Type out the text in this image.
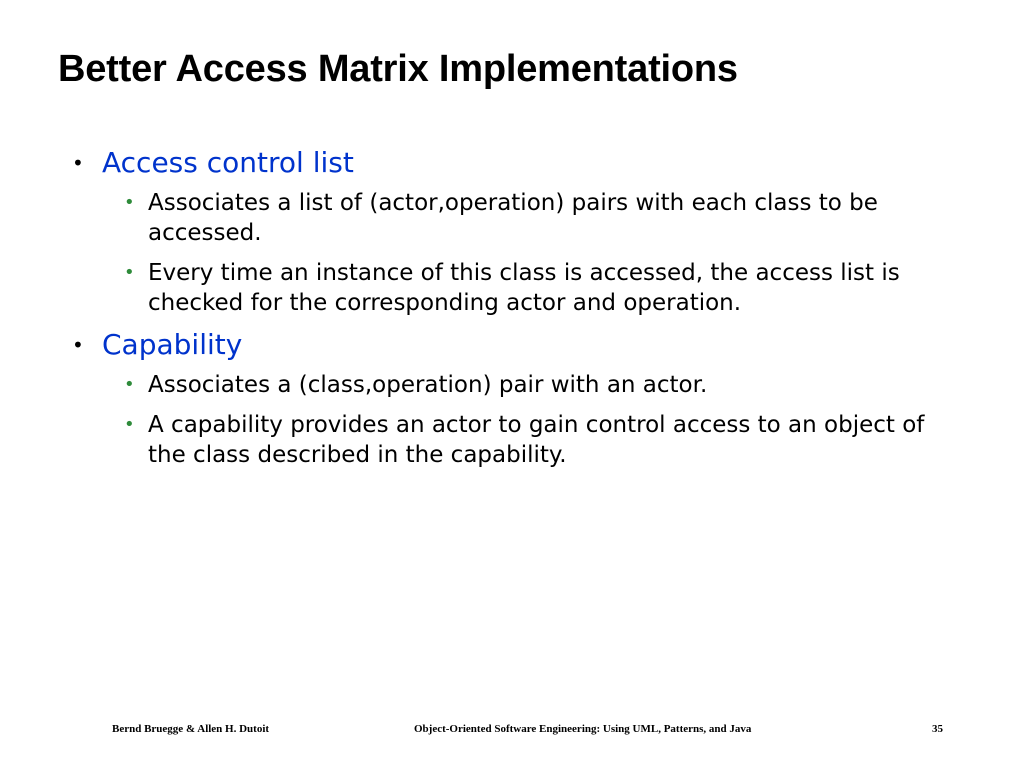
Better Access Matrix Implementations
• Access control list
• Associates a list of (actor,operation) pairs with each class to be accessed.
• Every time an instance of this class is accessed, the access list is checked for the corresponding actor and operation.
• Capability
• Associates a (class,operation) pair with an actor.
• A capability provides an actor to gain control access to an object of the class described in the capability.
Bernd Bruegge & Allen H. Dutoit	Object-Oriented Software Engineering: Using UML, Patterns, and Java	35
